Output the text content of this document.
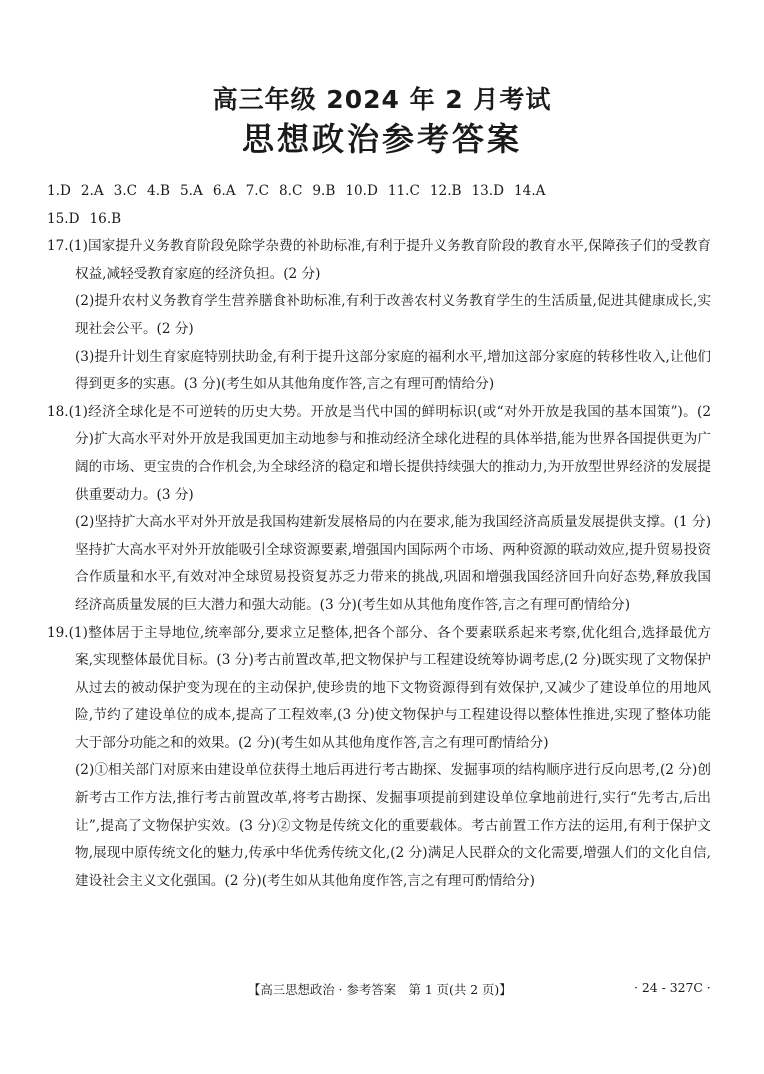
高三年级 2024 年 2 月考试
思想政治参考答案

1.D 2.A 3.C 4.B 5.A 6.A 7.C 8.C 9.B 10.D 11.C 12.B 13.D 14.A

15.D 16.B

17.(1)国家提升义务教育阶段免除学杂费的补助标准,有利于提升义务教育阶段的教育水平,保障孩子们的受教育权益,减轻受教育家庭的经济负担。(2 分)

(2)提升农村义务教育学生营养膳食补助标准,有利于改善农村义务教育学生的生活质量,促进其健康成长,实现社会公平。(2 分)

(3)提升计划生育家庭特别扶助金,有利于提升这部分家庭的福利水平,增加这部分家庭的转移性收入,让他们得到更多的实惠。(3 分)(考生如从其他角度作答,言之有理可酌情给分)

18.(1)经济全球化是不可逆转的历史大势。开放是当代中国的鲜明标识(或“对外开放是我国的基本国策”)。(2 分)扩大高水平对外开放是我国更加主动地参与和推动经济全球化进程的具体举措,能为世界各国提供更为广阔的市场、更宝贵的合作机会,为全球经济的稳定和增长提供持续强大的推动力,为开放型世界经济的发展提供重要动力。(3 分)

(2)坚持扩大高水平对外开放是我国构建新发展格局的内在要求,能为我国经济高质量发展提供支撑。(1 分)坚持扩大高水平对外开放能吸引全球资源要素,增强国内国际两个市场、两种资源的联动效应,提升贸易投资合作质量和水平,有效对冲全球贸易投资复苏乏力带来的挑战,巩固和增强我国经济回升向好态势,释放我国经济高质量发展的巨大潜力和强大动能。(3 分)(考生如从其他角度作答,言之有理可酌情给分)

19.(1)整体居于主导地位,统率部分,要求立足整体,把各个部分、各个要素联系起来考察,优化组合,选择最优方案,实现整体最优目标。(3 分)考古前置改革,把文物保护与工程建设统筹协调考虑,(2 分)既实现了文物保护从过去的被动保护变为现在的主动保护,使珍贵的地下文物资源得到有效保护,又减少了建设单位的用地风险,节约了建设单位的成本,提高了工程效率,(3 分)使文物保护与工程建设得以整体性推进,实现了整体功能大于部分功能之和的效果。(2 分)(考生如从其他角度作答,言之有理可酌情给分)

(2)①相关部门对原来由建设单位获得土地后再进行考古勘探、发掘事项的结构顺序进行反向思考,(2 分)创新考古工作方法,推行考古前置改革,将考古勘探、发掘事项提前到建设单位拿地前进行,实行“先考古,后出让”,提高了文物保护实效。(3 分)②文物是传统文化的重要载体。考古前置工作方法的运用,有利于保护文物,展现中原传统文化的魅力,传承中华优秀传统文化,(2 分)满足人民群众的文化需要,增强人们的文化自信,建设社会主义文化强国。(2 分)(考生如从其他角度作答,言之有理可酌情给分)

【高三思想政治 · 参考答案　第 1 页(共 2 页)】	· 24 - 327C ·
